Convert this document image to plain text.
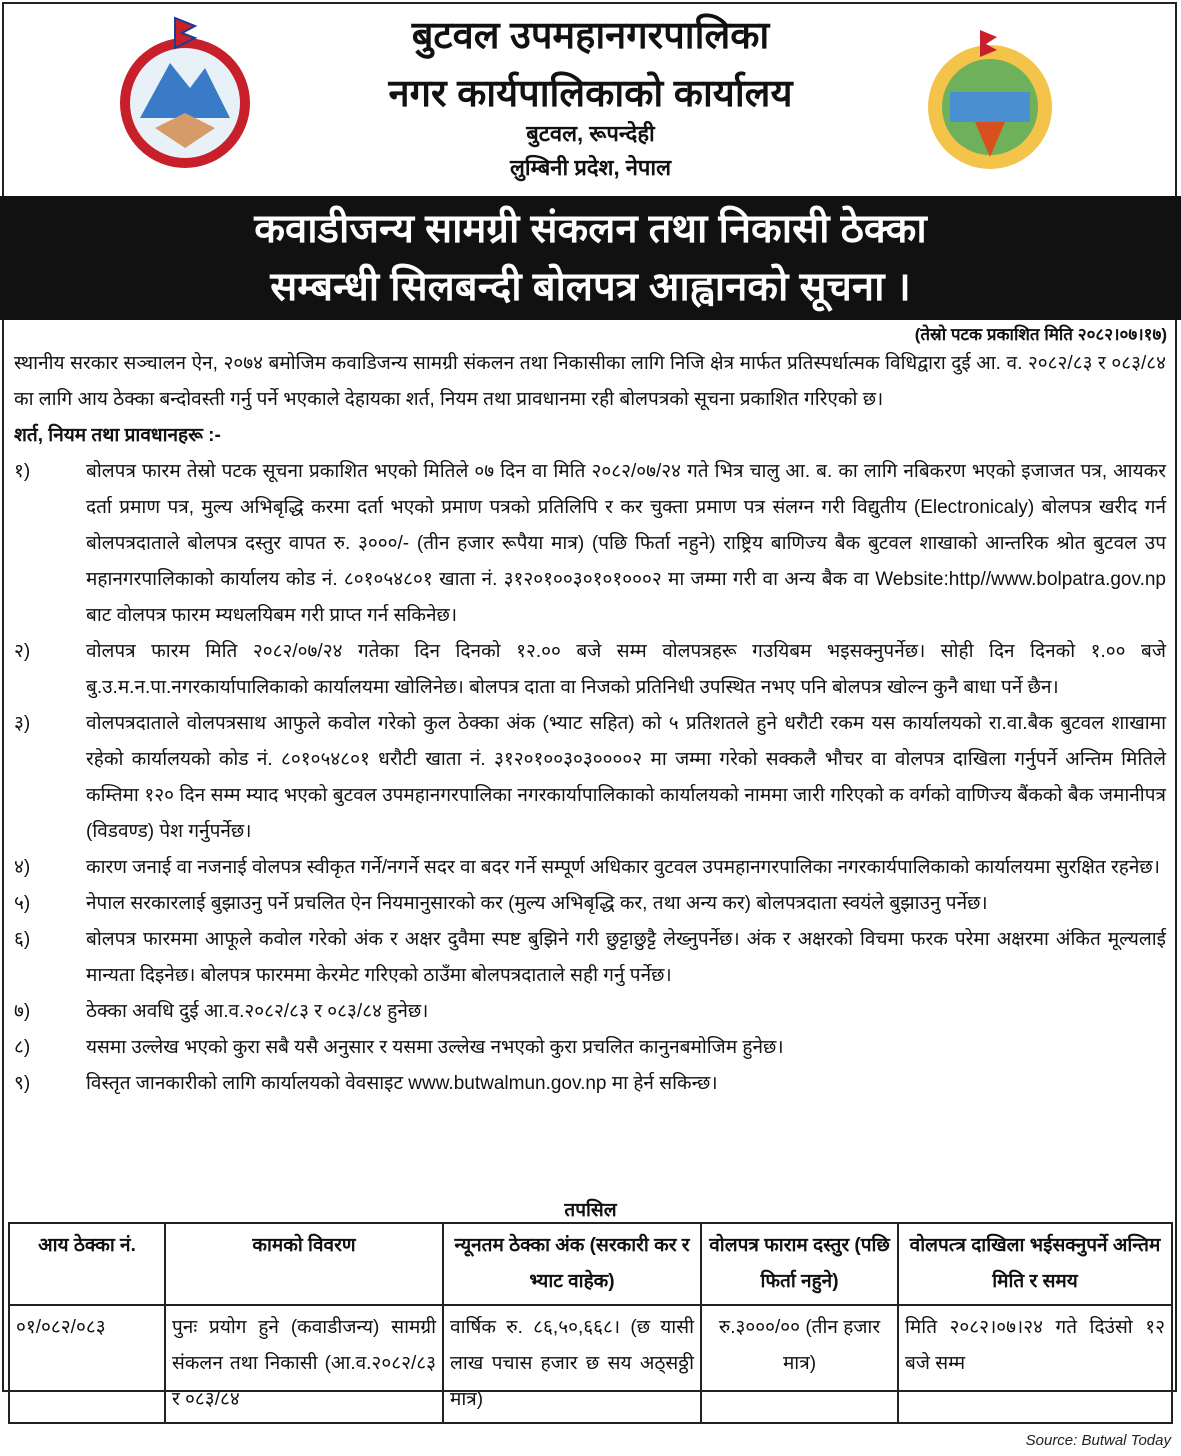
बुटवल उपमहानगरपालिका
नगर कार्यपालिकाको कार्यालय
बुटवल, रूपन्देही
लुम्बिनी प्रदेश, नेपाल
कवाडीजन्य सामग्री संकलन तथा निकासी ठेक्का
सम्बन्धी सिलबन्दी बोलपत्र आह्वानको सूचना ।
(तेस्रो पटक प्रकाशित मिति २०८२।०७।१७)
स्थानीय सरकार सञ्चालन ऐन, २०७४ बमोजिम कवाडिजन्य सामग्री संकलन तथा निकासीका लागि निजि क्षेत्र मार्फत प्रतिस्पर्धात्मक विधिद्वारा दुई आ. व. २०८२/८३ र ०८३/८४ का लागि आय ठेक्का बन्दोवस्ती गर्नु पर्ने भएकाले देहायका शर्त, नियम तथा प्रावधानमा रही बोलपत्रको सूचना प्रकाशित गरिएको छ।
शर्त, नियम तथा प्रावधानहरू :-
१)	बोलपत्र फारम तेस्रो पटक सूचना प्रकाशित भएको मितिले ०७ दिन वा मिति २०८२/०७/२४ गते भित्र चालु आ. ब. का लागि नबिकरण भएको इजाजत पत्र, आयकर दर्ता प्रमाण पत्र, मुल्य अभिबृद्धि करमा दर्ता भएको प्रमाण पत्रको प्रतिलिपि र कर चुक्ता प्रमाण पत्र संलग्न गरी विद्युतीय (Electronicaly) बोलपत्र खरीद गर्न बोलपत्रदाताले बोलपत्र दस्तुर वापत रु. ३०००/- (तीन हजार रूपैया मात्र) (पछि फिर्ता नहुने) राष्ट्रिय बाणिज्य बैक बुटवल शाखाको आन्तरिक श्रोत बुटवल उप महानगरपालिकाको कार्यालय कोड नं. ८०१०५४८०१ खाता नं. ३१२०१००३०१०१०००२ मा जम्मा गरी वा अन्य बैक वा Website:http//www.bolpatra.gov.np बाट वोलपत्र फारम म्यधलयिबम गरी प्राप्त गर्न सकिनेछ।
२)	वोलपत्र फारम मिति २०८२/०७/२४ गतेका दिन दिनको १२.०० बजे सम्म वोलपत्रहरू गउयिबम भइसक्नुपर्नेछ। सोही दिन दिनको १.०० बजे बु.उ.म.न.पा.नगरकार्यापालिकाको कार्यालयमा खोलिनेछ। बोलपत्र दाता वा निजको प्रतिनिधी उपस्थित नभए पनि बोलपत्र खोल्न कुनै बाधा पर्ने छैन।
३)	वोलपत्रदाताले वोलपत्रसाथ आफुले कवोल गरेको कुल ठेक्का अंक (भ्याट सहित) को ५ प्रतिशतले हुने धरौटी रकम यस कार्यालयको रा.वा.बैक बुटवल शाखामा रहेको कार्यालयको कोड नं. ८०१०५४८०१ धरौटी खाता नं. ३१२०१००३०३००००२ मा जम्मा गरेको सक्कलै भौचर वा वोलपत्र दाखिला गर्नुपर्ने अन्तिम मितिले कम्तिमा १२० दिन सम्म म्याद भएको बुटवल उपमहानगरपालिका नगरकार्यापालिकाको कार्यालयको नाममा जारी गरिएको क वर्गको वाणिज्य बैंकको बैक जमानीपत्र (विडवण्ड) पेश गर्नुपर्नेछ।
४)	कारण जनाई वा नजनाई वोलपत्र स्वीकृत गर्ने/नगर्ने सदर वा बदर गर्ने सम्पूर्ण अधिकार वुटवल उपमहानगरपालिका नगरकार्यपालिकाको कार्यालयमा सुरक्षित रहनेछ।
५)	नेपाल सरकारलाई बुझाउनु पर्ने प्रचलित ऐन नियमानुसारको कर (मुल्य अभिबृद्धि कर, तथा अन्य कर) बोलपत्रदाता स्वयंले बुझाउनु पर्नेछ।
६)	बोलपत्र फारममा आफूले कवोल गरेको अंक र अक्षर दुवैमा स्पष्ट बुझिने गरी छुट्टाछुट्टै लेख्नुपर्नेछ। अंक र अक्षरको विचमा फरक परेमा अक्षरमा अंकित मूल्यलाई मान्यता दिइनेछ। बोलपत्र फारममा केरमेट गरिएको ठाउँमा बोलपत्रदाताले सही गर्नु पर्नेछ।
७)	ठेक्का अवधि दुई आ.व.२०८२/८३ र ०८३/८४ हुनेछ।
८)	यसमा उल्लेख भएको कुरा सबै यसै अनुसार र यसमा उल्लेख नभएको कुरा प्रचलित कानुनबमोजिम हुनेछ।
९)	विस्तृत जानकारीको लागि कार्यालयको वेवसाइट www.butwalmun.gov.np मा हेर्न सकिन्छ।
तपसिल
आय ठेक्का नं.	कामको विवरण	न्यूनतम ठेक्का अंक (सरकारी कर र भ्याट वाहेक)	वोलपत्र फाराम दस्तुर (पछि फिर्ता नहुने)	वोलपत्त्र दाखिला भईसक्नुपर्ने अन्तिम मिति र समय
०१/०८२/०८३	पुनः प्रयोग हुने (कवाडीजन्य) सामग्री संकलन तथा निकासी (आ.व.२०८२/८३ र ०८३/८४	वार्षिक रु. ८६,५०,६६८। (छ यासी लाख पचास हजार छ सय अठ्सठ्ठी मात्र)	रु.३०००/०० (तीन हजार मात्र)	मिति २०८२।०७।२४ गते दिउंसो १२ बजे सम्म
Source: Butwal Today
